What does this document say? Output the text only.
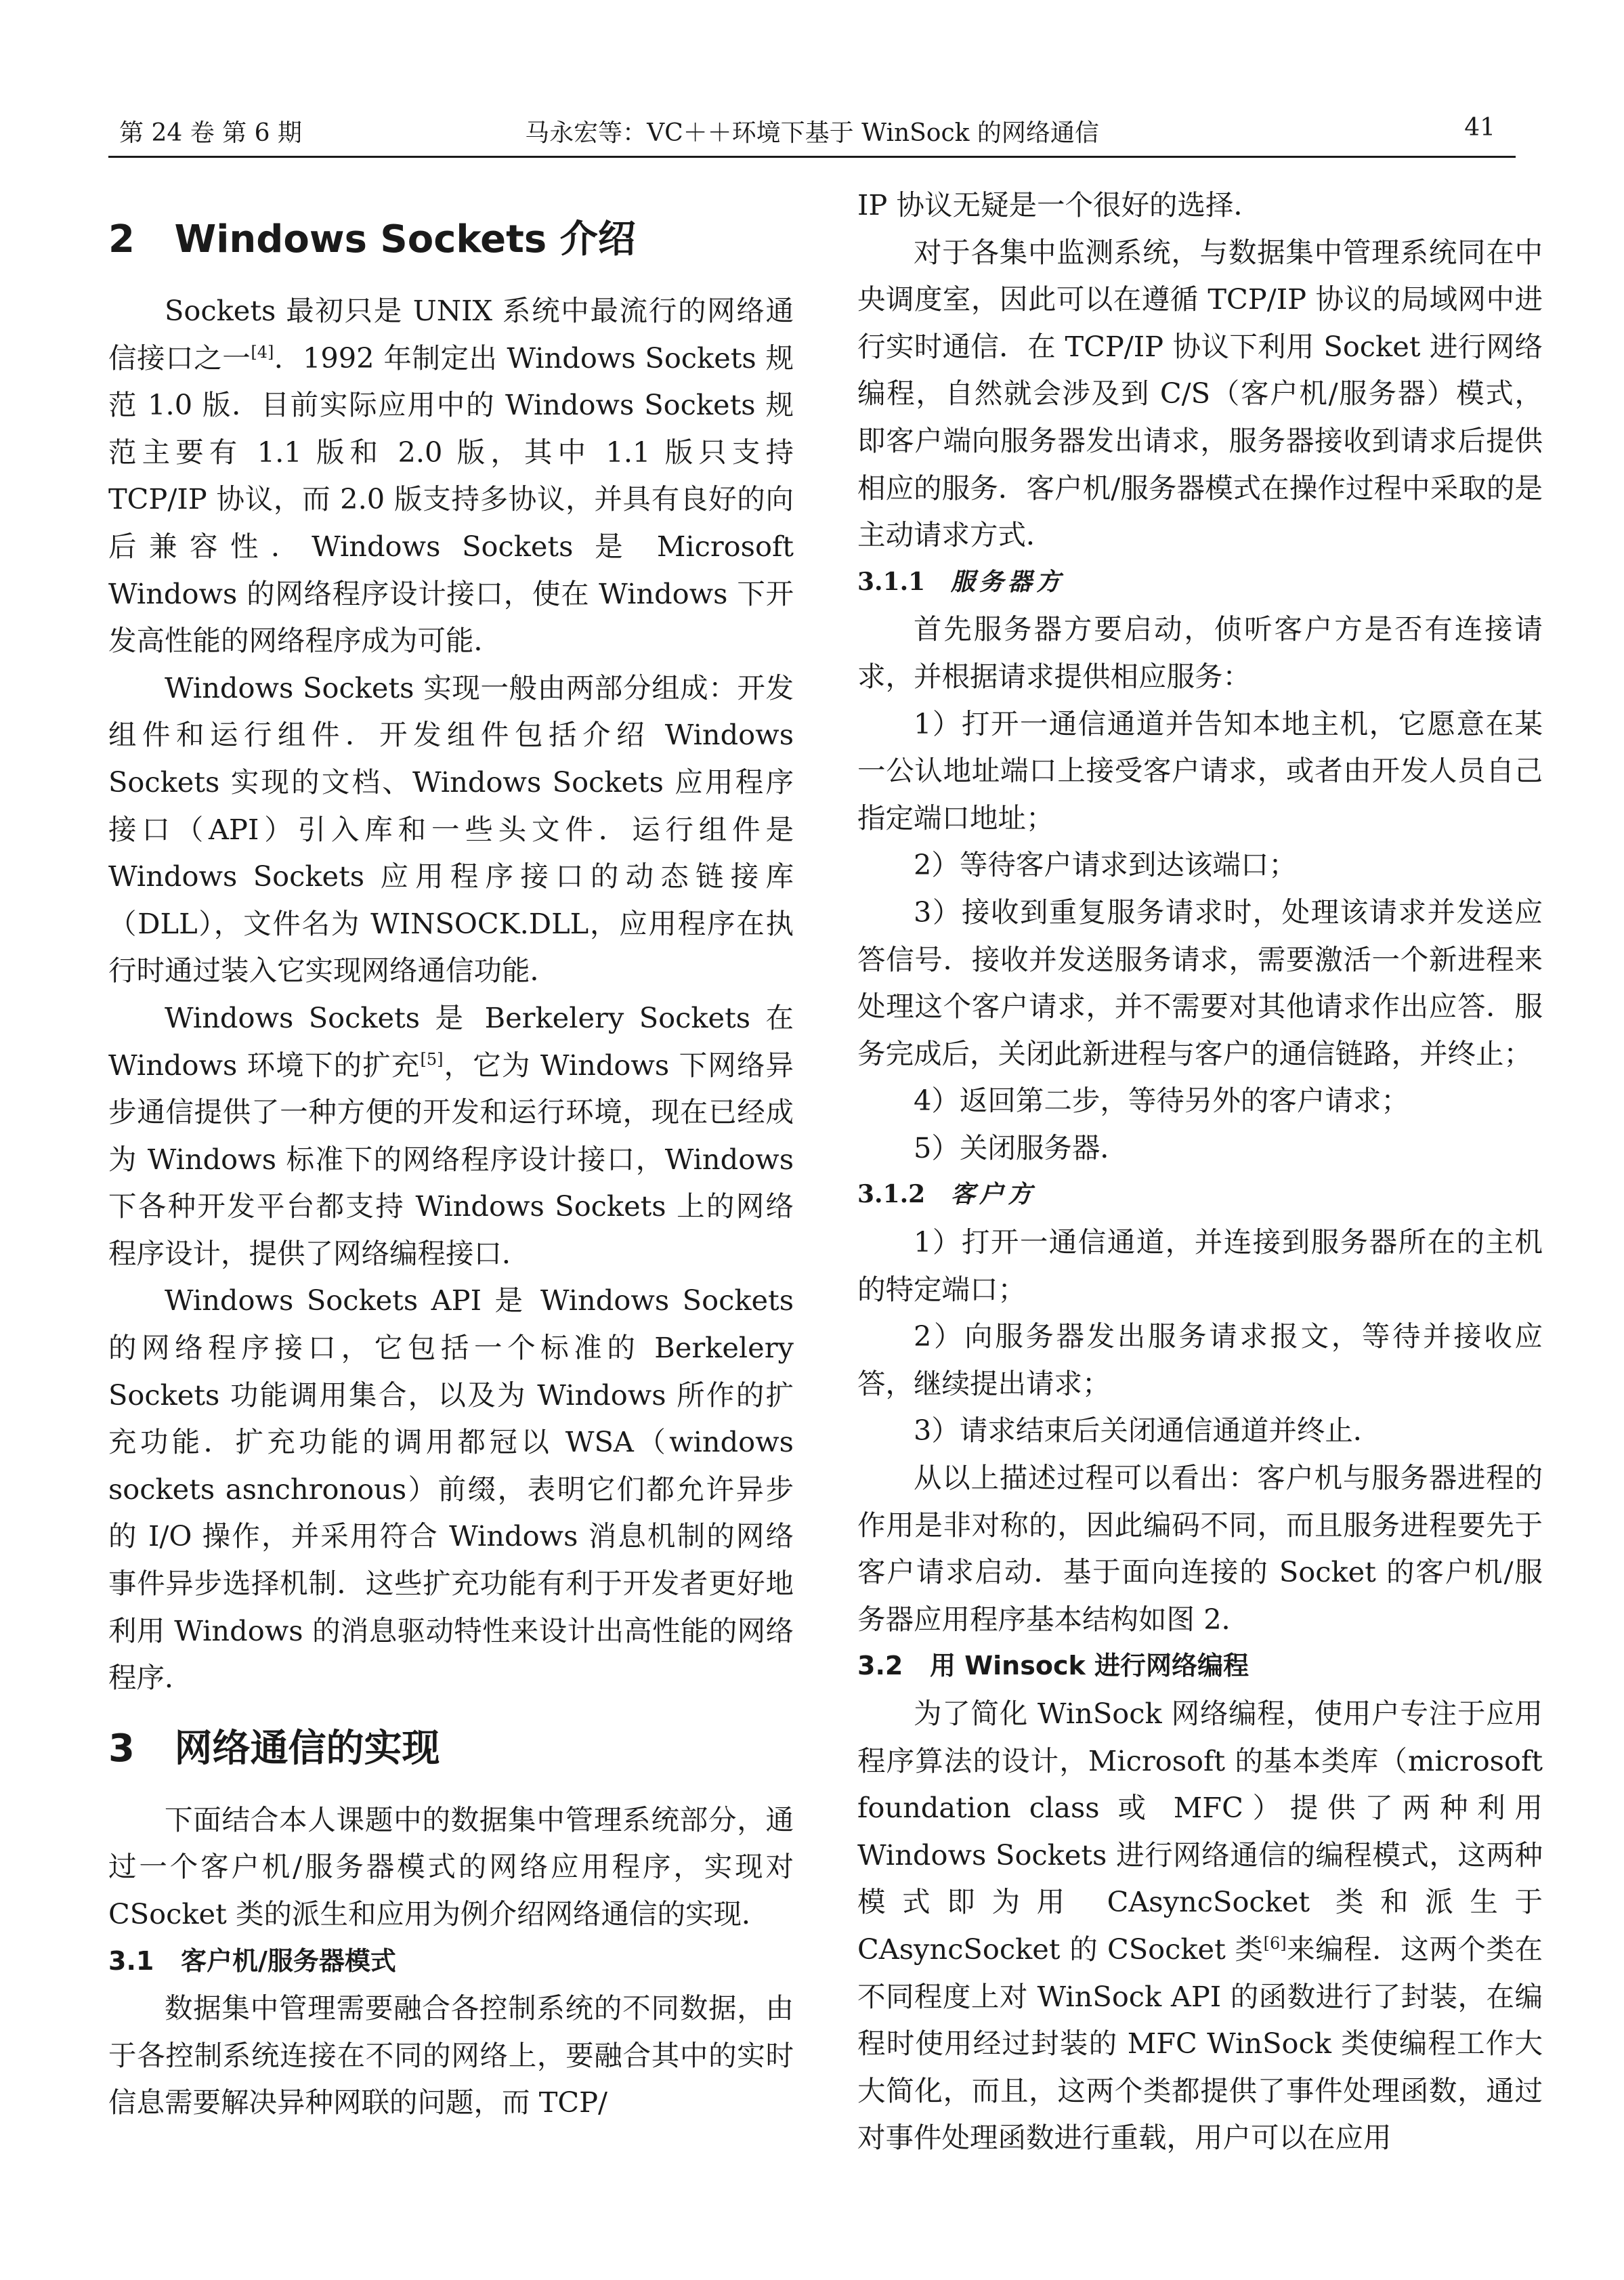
第 24 卷 第 6 期	马永宏等：VC＋＋环境下基于 WinSock 的网络通信	41
2   Windows Sockets 介绍

Sockets 最初只是 UNIX 系统中最流行的网络通信接口之一[4]．1992 年制定出 Windows Sockets 规范 1.0 版．目前实际应用中的 Windows Sockets 规范主要有 1.1 版和 2.0 版，其中 1.1 版只支持 TCP/IP 协议，而 2.0 版支持多协议，并具有良好的向后兼容性．Windows Sockets 是 Microsoft Windows 的网络程序设计接口，使在 Windows 下开发高性能的网络程序成为可能．

Windows Sockets 实现一般由两部分组成：开发组件和运行组件．开发组件包括介绍 Windows Sockets 实现的文档、Windows Sockets 应用程序接口（API）引入库和一些头文件．运行组件是 Windows Sockets 应用程序接口的动态链接库（DLL），文件名为 WINSOCK.DLL，应用程序在执行时通过装入它实现网络通信功能．

Windows Sockets 是 Berkelery Sockets 在 Windows 环境下的扩充[5]，它为 Windows 下网络异步通信提供了一种方便的开发和运行环境，现在已经成为 Windows 标准下的网络程序设计接口，Windows 下各种开发平台都支持 Windows Sockets 上的网络程序设计，提供了网络编程接口．

Windows Sockets API 是 Windows Sockets 的网络程序接口，它包括一个标准的 Berkelery Sockets 功能调用集合，以及为 Windows 所作的扩充功能．扩充功能的调用都冠以 WSA（windows sockets asnchronous）前缀，表明它们都允许异步的 I/O 操作，并采用符合 Windows 消息机制的网络事件异步选择机制．这些扩充功能有利于开发者更好地利用 Windows 的消息驱动特性来设计出高性能的网络程序．

3   网络通信的实现

下面结合本人课题中的数据集中管理系统部分，通过一个客户机/服务器模式的网络应用程序，实现对 CSocket 类的派生和应用为例介绍网络通信的实现．

3.1   客户机/服务器模式

数据集中管理需要融合各控制系统的不同数据，由于各控制系统连接在不同的网络上，要融合其中的实时信息需要解决异种网联的问题，而 TCP/

IP 协议无疑是一个很好的选择．

对于各集中监测系统，与数据集中管理系统同在中央调度室，因此可以在遵循 TCP/IP 协议的局域网中进行实时通信．在 TCP/IP 协议下利用 Socket 进行网络编程，自然就会涉及到 C/S（客户机/服务器）模式，即客户端向服务器发出请求，服务器接收到请求后提供相应的服务．客户机/服务器模式在操作过程中采取的是主动请求方式．

3.1.1 服务器方

首先服务器方要启动，侦听客户方是否有连接请求，并根据请求提供相应服务：

1）打开一通信通道并告知本地主机，它愿意在某一公认地址端口上接受客户请求，或者由开发人员自己指定端口地址；

2）等待客户请求到达该端口；

3）接收到重复服务请求时，处理该请求并发送应答信号．接收并发送服务请求，需要激活一个新进程来处理这个客户请求，并不需要对其他请求作出应答．服务完成后，关闭此新进程与客户的通信链路，并终止；

4）返回第二步，等待另外的客户请求；

5）关闭服务器．

3.1.2 客户方

1）打开一通信通道，并连接到服务器所在的主机的特定端口；

2）向服务器发出服务请求报文，等待并接收应答，继续提出请求；

3）请求结束后关闭通信通道并终止．

从以上描述过程可以看出：客户机与服务器进程的作用是非对称的，因此编码不同，而且服务进程要先于客户请求启动．基于面向连接的 Socket 的客户机/服务器应用程序基本结构如图 2．

3.2   用 Winsock 进行网络编程

为了简化 WinSock 网络编程，使用户专注于应用程序算法的设计，Microsoft 的基本类库（microsoft foundation class 或 MFC）提供了两种利用 Windows Sockets 进行网络通信的编程模式，这两种模式即为用 CAsyncSocket 类和派生于 CAsyncSocket 的 CSocket 类[6]来编程．这两个类在不同程度上对 WinSock API 的函数进行了封装，在编程时使用经过封装的 MFC WinSock 类使编程工作大大简化，而且，这两个类都提供了事件处理函数，通过对事件处理函数进行重载，用户可以在应用
